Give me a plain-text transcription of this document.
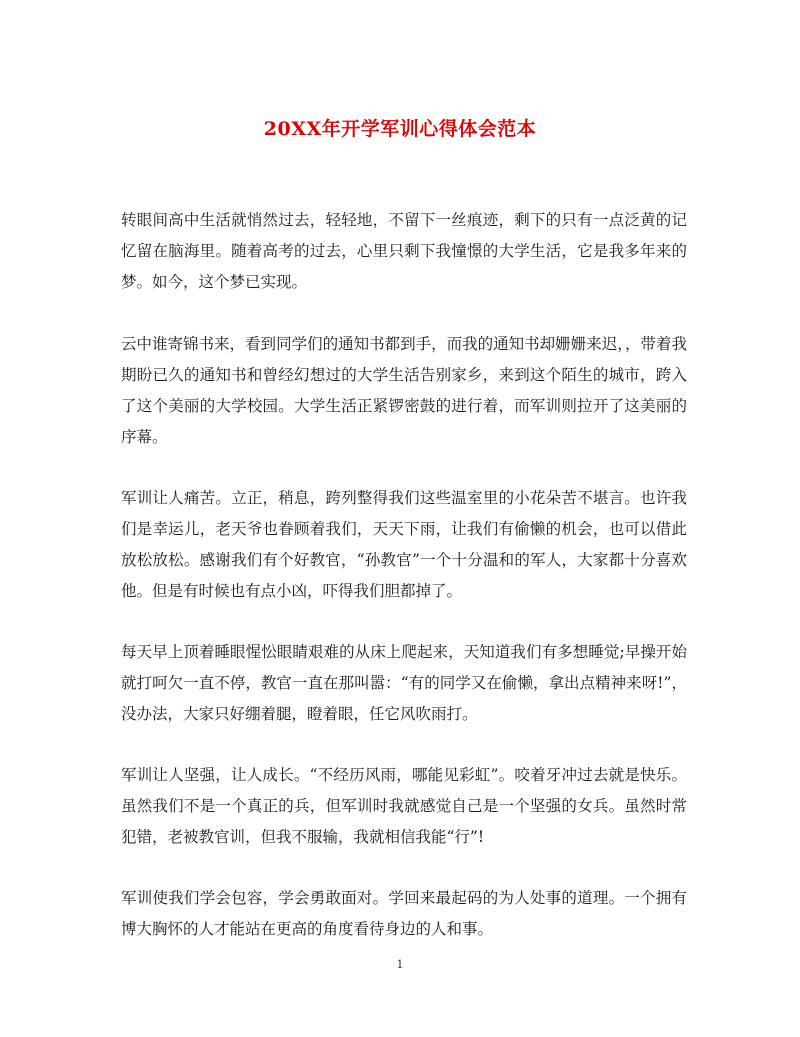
20XX年开学军训心得体会范本
转眼间高中生活就悄然过去，轻轻地，不留下一丝痕迹，剩下的只有一点泛黄的记忆留在脑海里。随着高考的过去，心里只剩下我憧憬的大学生活，它是我多年来的梦。如今，这个梦已实现。
云中谁寄锦书来，看到同学们的通知书都到手，而我的通知书却姗姗来迟，，带着我期盼已久的通知书和曾经幻想过的大学生活告别家乡，来到这个陌生的城市，跨入了这个美丽的大学校园。大学生活正紧锣密鼓的进行着，而军训则拉开了这美丽的序幕。
军训让人痛苦。立正，稍息，跨列整得我们这些温室里的小花朵苦不堪言。也许我们是幸运儿，老天爷也眷顾着我们，天天下雨，让我们有偷懒的机会，也可以借此放松放松。感谢我们有个好教官，“孙教官”一个十分温和的军人，大家都十分喜欢他。但是有时候也有点小凶，吓得我们胆都掉了。
每天早上顶着睡眼惺忪眼睛艰难的从床上爬起来，天知道我们有多想睡觉;早操开始就打呵欠一直不停，教官一直在那叫嚣：“有的同学又在偷懒，拿出点精神来呀!”，没办法，大家只好绷着腿，瞪着眼，任它风吹雨打。
军训让人坚强，让人成长。“不经历风雨，哪能见彩虹”。咬着牙冲过去就是快乐。虽然我们不是一个真正的兵，但军训时我就感觉自己是一个坚强的女兵。虽然时常犯错，老被教官训，但我不服输，我就相信我能“行”!
军训使我们学会包容，学会勇敢面对。学回来最起码的为人处事的道理。一个拥有博大胸怀的人才能站在更高的角度看待身边的人和事。
1
